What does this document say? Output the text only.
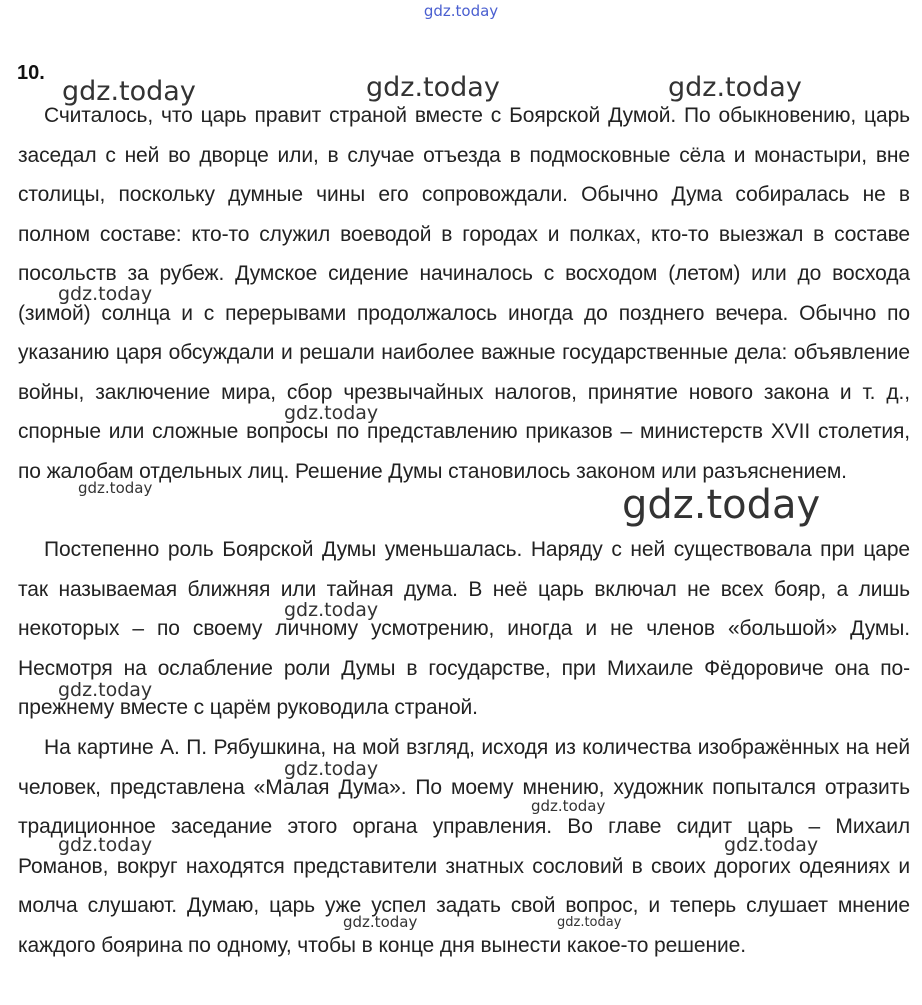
gdz.today
10.

Считалось, что царь правит страной вместе с Боярской Думой. По обыкновению, царь заседал с ней во дворце или, в случае отъезда в подмосковные сёла и монастыри, вне столицы, поскольку думные чины его сопровождали. Обычно Дума собиралась не в полном составе: кто-то служил воеводой в городах и полках, кто-то выезжал в составе посольств за рубеж. Думское сидение начиналось с восходом (летом) или до восхода (зимой) солнца и с перерывами продолжалось иногда до позднего вечера. Обычно по указанию царя обсуждали и решали наиболее важные государственные дела: объявление войны, заключение мира, сбор чрезвычайных налогов, принятие нового закона и т. д., спорные или сложные вопросы по представлению приказов – министерств XVII столетия, по жалобам отдельных лиц. Решение Думы становилось законом или разъяснением.

Постепенно роль Боярской Думы уменьшалась. Наряду с ней существовала при царе так называемая ближняя или тайная дума. В неё царь включал не всех бояр, а лишь некоторых – по своему личному усмотрению, иногда и не членов «большой» Думы. Несмотря на ослабление роли Думы в государстве, при Михаиле Фёдоровиче она по-прежнему вместе с царём руководила страной.

На картине А. П. Рябушкина, на мой взгляд, исходя из количества изображённых на ней человек, представлена «Малая Дума». По моему мнению, художник попытался отразить традиционное заседание этого органа управления. Во главе сидит царь – Михаил Романов, вокруг находятся представители знатных сословий в своих дорогих одеяниях и молча слушают. Думаю, царь уже успел задать свой вопрос, и теперь слушает мнение каждого боярина по одному, чтобы в конце дня вынести какое-то решение.

gdz.today	gdz.today	gdz.today
gdz.today
gdz.today
gdz.today	gdz.today
gdz.today
gdz.today
gdz.today
gdz.today
gdz.today	gdz.today
gdz.today	gdz.today
